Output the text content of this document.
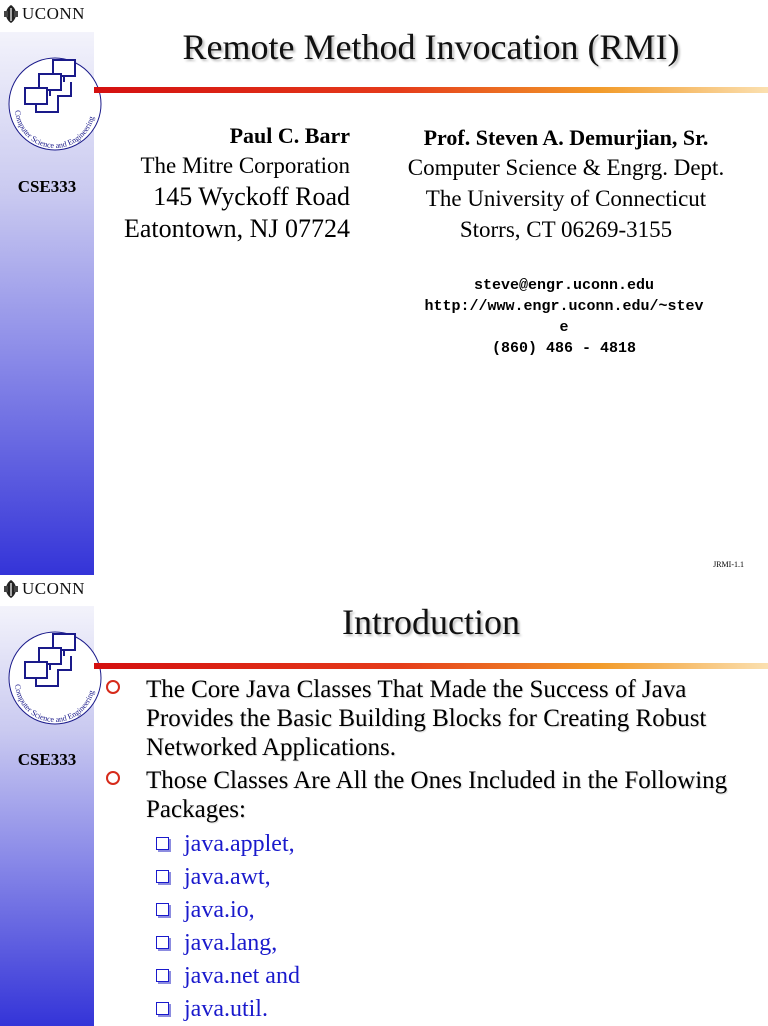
UCONN
Computer Science and Engineering
CSE333
Remote Method Invocation (RMI)
Paul C. Barr
The Mitre Corporation
145 Wyckoff Road
Eatontown, NJ 07724
Prof. Steven A. Demurjian, Sr.
Computer Science & Engrg. Dept.
The University of Connecticut
Storrs, CT 06269-3155
steve@engr.uconn.edu
http://www.engr.uconn.edu/~stev
e
(860) 486 - 4818
JRMI-1.1
UCONN
Computer Science and Engineering
CSE333
Introduction
The Core Java Classes That Made the Success of Java Provides the Basic Building Blocks for Creating Robust Networked Applications.
Those Classes Are All the Ones Included in the Following Packages:
java.applet,
java.awt,
java.io,
java.lang,
java.net and
java.util.
